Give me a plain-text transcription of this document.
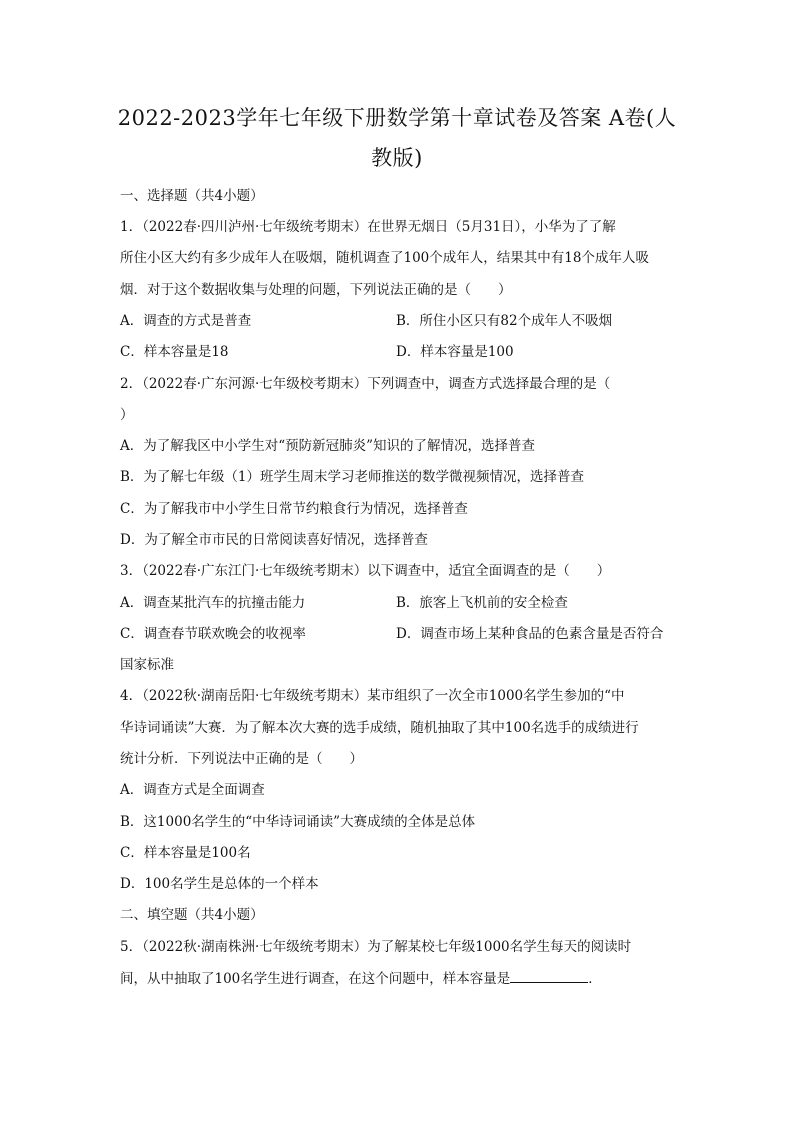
2022-2023学年七年级下册数学第十章试卷及答案 A卷(人
教版)
一、选择题（共4小题）
1．（2022春·四川泸州·七年级统考期末）在世界无烟日（5月31日），小华为了了解
所住小区大约有多少成年人在吸烟，随机调查了100个成年人，结果其中有18个成年人吸
烟．对于这个数据收集与处理的问题，下列说法正确的是（　　）
A．调查的方式是普查	B．所住小区只有82个成年人不吸烟
C．样本容量是18	D．样本容量是100
2．（2022春·广东河源·七年级校考期末）下列调查中，调查方式选择最合理的是（
）
A．为了解我区中小学生对“预防新冠肺炎”知识的了解情况，选择普查
B．为了解七年级（1）班学生周末学习老师推送的数学微视频情况，选择普查
C．为了解我市中小学生日常节约粮食行为情况，选择普查
D．为了解全市市民的日常阅读喜好情况，选择普查
3．（2022春·广东江门·七年级统考期末）以下调查中，适宜全面调查的是（　　）
A．调查某批汽车的抗撞击能力	B．旅客上飞机前的安全检查
C．调查春节联欢晚会的收视率	D．调查市场上某种食品的色素含量是否符合
国家标准
4．（2022秋·湖南岳阳·七年级统考期末）某市组织了一次全市1000名学生参加的“中
华诗词诵读”大赛．为了解本次大赛的选手成绩，随机抽取了其中100名选手的成绩进行
统计分析．下列说法中正确的是（　　）
A．调查方式是全面调查
B．这1000名学生的“中华诗词诵读”大赛成绩的全体是总体
C．样本容量是100名
D．100名学生是总体的一个样本
二、填空题（共4小题）
5．（2022秋·湖南株洲·七年级统考期末）为了解某校七年级1000名学生每天的阅读时
间，从中抽取了100名学生进行调查，在这个问题中，样本容量是	．
